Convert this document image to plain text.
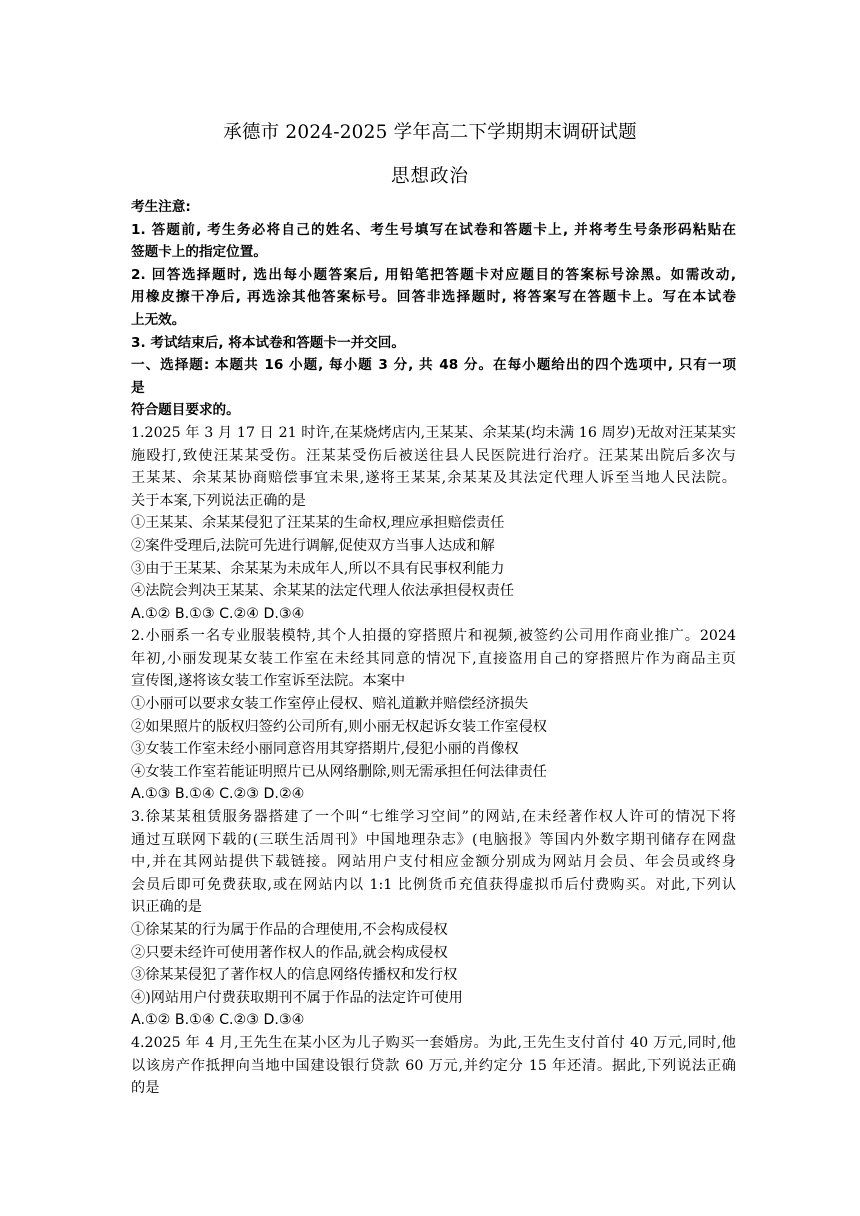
承德市 2024-2025 学年高二下学期期末调研试题
思想政治

考生注意:

1. 答题前, 考生务必将自己的姓名、考生号填写在试卷和答题卡上, 并将考生号条形码粘贴在

签题卡上的指定位置。

2. 回答选择题时, 选出每小题答案后, 用铅笔把答题卡对应题目的答案标号涂黑。如需改动,

用橡皮擦干净后, 再选涂其他答案标号。回答非选择题时, 将答案写在答题卡上。写在本试卷

上无效。

3. 考试结束后, 将本试卷和答题卡一并交回。

一、选择题: 本题共 16 小题, 每小题 3 分, 共 48 分。在每小题给出的四个选项中, 只有一项

是

符合题目要求的。

1.2025 年 3 月 17 日 21 时许,在某烧烤店内,王某某、余某某(均未满 16 周岁)无故对汪某某实

施殴打,致使汪某某受伤。汪某某受伤后被送往县人民医院进行治疗。汪某某出院后多次与

王某某、余某某协商赔偿事宜未果,遂将王某某,余某某及其法定代理人诉至当地人民法院。

关于本案,下列说法正确的是

①王某某、余某某侵犯了汪某某的生命权,理应承担赔偿责任

②案件受理后,法院可先进行调解,促使双方当事人达成和解

③由于王某某、余某某为未成年人,所以不具有民事权利能力

④法院会判决王某某、余某某的法定代理人依法承担侵权责任

A.①② B.①③ C.②④ D.③④

2.小丽系一名专业服装模特,其个人拍摄的穿搭照片和视频,被签约公司用作商业推广。2024

年初,小丽发现某女装工作室在未经其同意的情况下,直接盗用自己的穿搭照片作为商品主页

宣传图,遂将该女装工作室诉至法院。本案中

①小丽可以要求女装工作室停止侵权、赔礼道歉并赔偿经济损失

②如果照片的版权归签约公司所有,则小丽无权起诉女装工作室侵权

③女装工作室未经小丽同意咨用其穿搭期片,侵犯小丽的肖像权

④女装工作室若能证明照片已从网络删除,则无需承担任何法律责任

A.①③ B.①④ C.②③ D.②④

3.徐某某租赁服务器搭建了一个叫“七维学习空间”的网站,在未经著作权人许可的情况下将

通过互联网下载的(三联生活周刊》中国地理杂志》(电脑报》等国内外数字期刊储存在网盘

中,并在其网站提供下载链接。网站用户支付相应金额分别成为网站月会员、年会员或终身

会员后即可免费获取,或在网站内以 1:1 比例货币充值获得虚拟币后付费购买。对此,下列认

识正确的是

①徐某某的行为属于作品的合理使用,不会构成侵权

②只要未经许可使用著作权人的作品,就会构成侵权

③徐某某侵犯了著作权人的信息网络传播权和发行权

④)网站用户付费获取期刊不属于作品的法定许可使用

A.①② B.①④ C.②③ D.③④

4.2025 年 4 月,王先生在某小区为儿子购买一套婚房。为此,王先生支付首付 40 万元,同时,他

以该房产作抵押向当地中国建设银行贷款 60 万元,并约定分 15 年还清。据此,下列说法正确

的是
